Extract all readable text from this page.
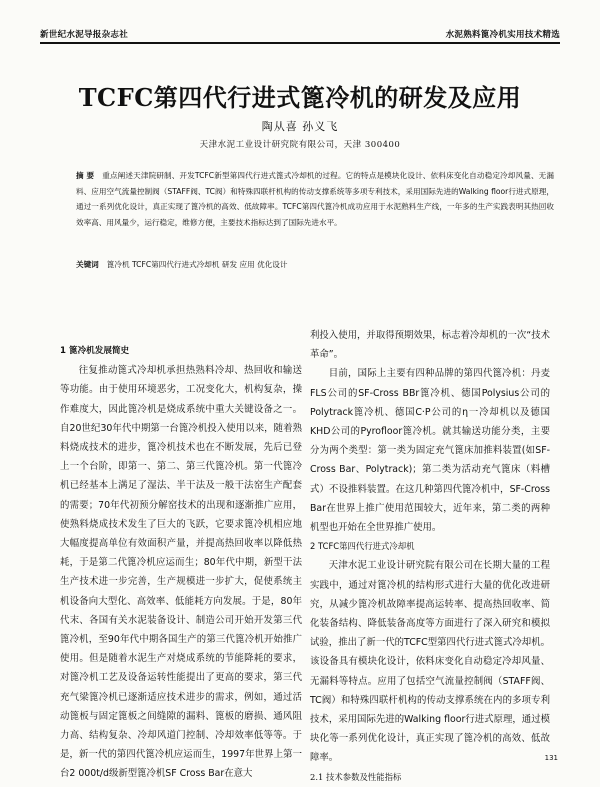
新世纪水泥导报杂志社	水泥熟料篦冷机实用技术精选
TCFC第四代行进式篦冷机的研发及应用
陶从喜 孙义飞
天津水泥工业设计研究院有限公司，天津 300400
摘 要 重点阐述天津院研制、开发TCFC新型第四代行进式篦式冷却机的过程。它的特点是模块化设计、依料床变化自动稳定冷却风量、无漏料、应用空气流量控制阀（STAFF阀、TC阀）和特殊四联杆机构的传动支撑系统等多项专利技术，采用国际先进的Walking floor行进式原理，通过一系列优化设计，真正实现了篦冷机的高效、低故障率。TCFC第四代篦冷机成功应用于水泥熟料生产线，一年多的生产实践表明其热回收效率高、用风量少，运行稳定，维修方便，主要技术指标达到了国际先进水平。
关键词 篦冷机 TCFC第四代行进式冷却机 研发 应用 优化设计

1 篦冷机发展简史

往复推动篦式冷却机承担热熟料冷却、热回收和输送等功能。由于使用环境恶劣，工况变化大，机构复杂，操作难度大，因此篦冷机是烧成系统中重大关键设备之一。自20世纪30年代中期第一台篦冷机投入使用以来，随着熟料烧成技术的进步，篦冷机技术也在不断发展，先后已登上一个台阶，即第一、第二、第三代篦冷机。第一代篦冷机已经基本上满足了湿法、半干法及一般干法窑生产配套的需要；70年代初预分解窑技术的出现和逐渐推广应用，使熟料烧成技术发生了巨大的飞跃，它要求篦冷机相应地大幅度提高单位有效面积产量，并提高热回收率以降低热耗，于是第二代篦冷机应运而生；80年代中期，新型干法生产技术进一步完善，生产规模进一步扩大，促使系统主机设备向大型化、高效率、低能耗方向发展。于是，80年代末、各国有关水泥装备设计、制造公司开始开发第三代篦冷机，至90年代中期各国生产的第三代篦冷机开始推广使用。但是随着水泥生产对烧成系统的节能降耗的要求，对篦冷机工艺及设备运转性能提出了更高的要求，第三代充气梁篦冷机已逐渐适应技术进步的需求，例如，通过活动篦板与固定篦板之间缝隙的漏料、篦板的磨损、通风阻力高、结构复杂、冷却风道门控制、冷却效率低等等。于是，新一代的第四代篦冷机应运而生，1997年世界上第一台2 000t/d级新型篦冷机SF Cross Bar在意大

利投入使用，并取得预期效果，标志着冷却机的一次“技术革命”。

目前，国际上主要有四种品牌的第四代篦冷机：丹麦FLS公司的SF-Cross BBr篦冷机、德国Polysius公司的Polytrack篦冷机、德国C·P公司的η一冷却机以及德国KHD公司的Pyrofloor篦冷机。就其输送功能分类，主要分为两个类型：第一类为固定充气篦床加推料装置(如SF-Cross Bar、Polytrack)；第二类为活动充气篦床（料槽式）不设推料装置。在这几种第四代篦冷机中，SF-Cross Bar在世界上推广使用范围较大，近年来，第二类的两种机型也开始在全世界推广使用。

2 TCFC第四代行进式冷却机

天津水泥工业设计研究院有限公司在长期大量的工程实践中，通过对篦冷机的结构形式进行大量的优化改进研究，从减少篦冷机故障率提高运转率、提高热回收率、简化装备结构、降低装备高度等方面进行了深入研究和模拟试验，推出了新一代的TCFC型第四代行进式篦式冷却机。该设备具有模块化设计，依料床变化自动稳定冷却风量、无漏料等特点。应用了包括空气流量控制阀（STAFF阀、TC阀）和特殊四联杆机构的传动支撑系统在内的多项专利技术，采用国际先进的Walking floor行进式原理，通过模块化等一系列优化设计，真正实现了篦冷机的高效、低故障率。

2.1 技术参数及性能指标

131
